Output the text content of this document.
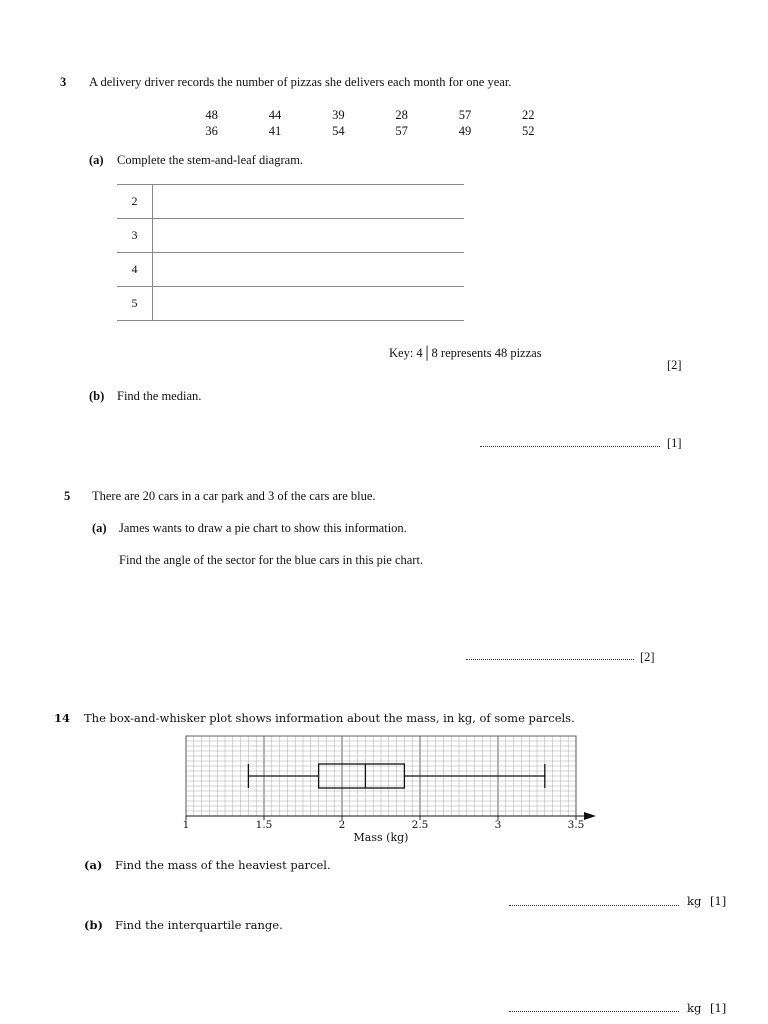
3 A delivery driver records the number of pizzas she delivers each month for one year.
48	44	39	28	57	22
36	41	54	57	49	52
(a) Complete the stem-and-leaf diagram.
2	
3	
4	
5	
Key: 4│8 represents 48 pizzas
[2]
(b) Find the median.
[1]
5 There are 20 cars in a car park and 3 of the cars are blue.
(a) James wants to draw a pie chart to show this information.
Find the angle of the sector for the blue cars in this pie chart.
[2]
14 The box-and-whisker plot shows information about the mass, in kg, of some parcels.
1	1.5	2	2.5	3	3.5
Mass (kg)
(a) Find the mass of the heaviest parcel.
kg [1]
(b) Find the interquartile range.
kg [1]
